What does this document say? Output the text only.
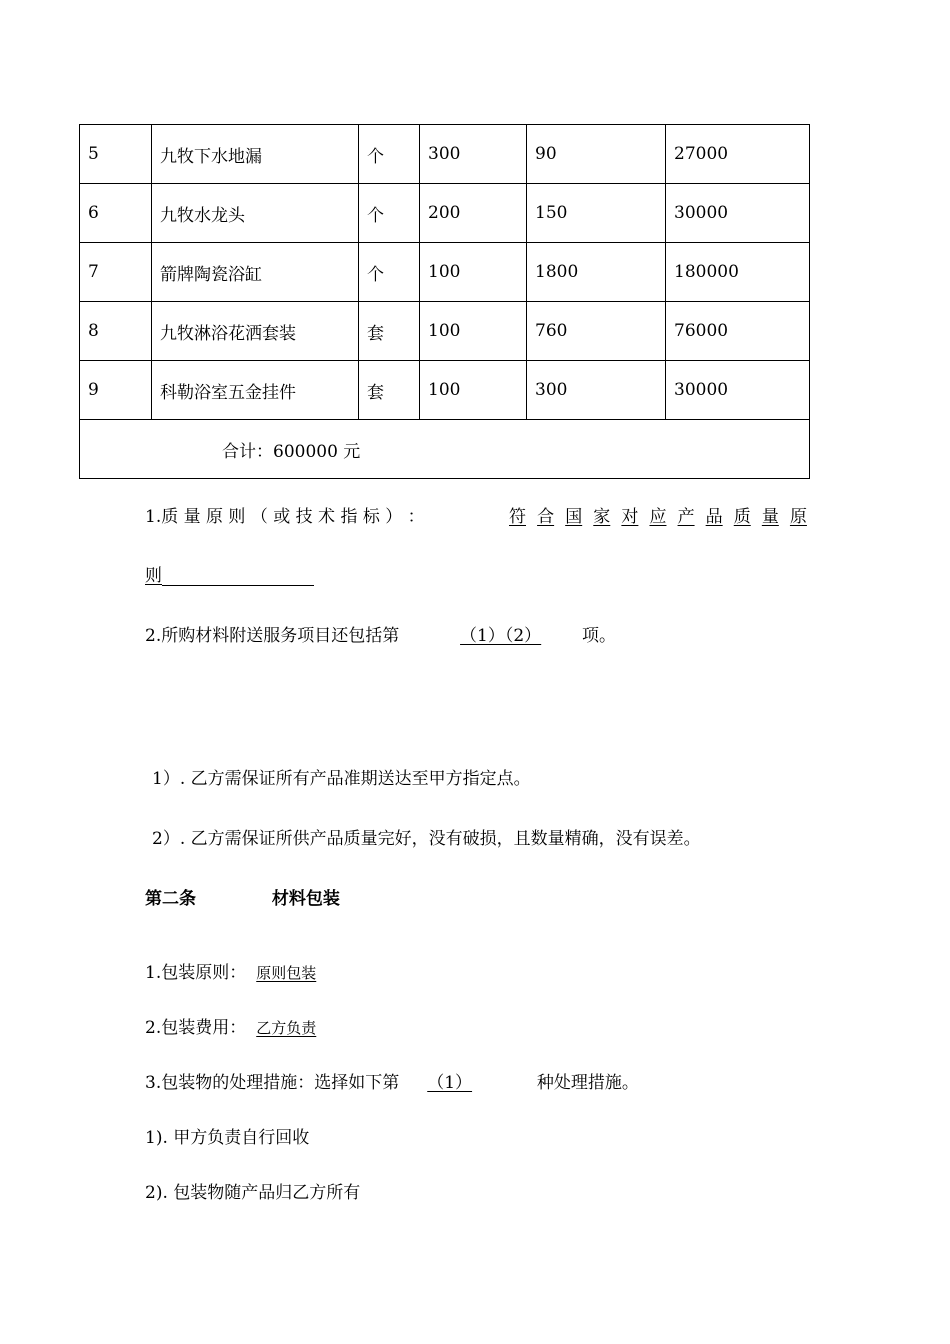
5	九牧下水地漏	个	300	90	27000
6	九牧水龙头	个	200	150	30000
7	箭牌陶瓷浴缸	个	100	1800	180000
8	九牧淋浴花洒套装	套	100	760	76000
9	科勒浴室五金挂件	套	100	300	30000
合计：600000 元					
1.质 量 原 则 （ 或 技 术 指 标 ） ：	符 合 国 家 对 应 产 品 质 量 原
则
2.所购材料附送服务项目还包括第	（1）（2） 项。
1）. 乙方需保证所有产品准期送达至甲方指定点。
2）. 乙方需保证所供产品质量完好，没有破损，且数量精确，没有误差。
第二条	材料包装
1.包装原则： 原则包装
2.包装费用： 乙方负责
3.包装物的处理措施：选择如下第 （1）	种处理措施。
1). 甲方负责自行回收
2). 包装物随产品归乙方所有
